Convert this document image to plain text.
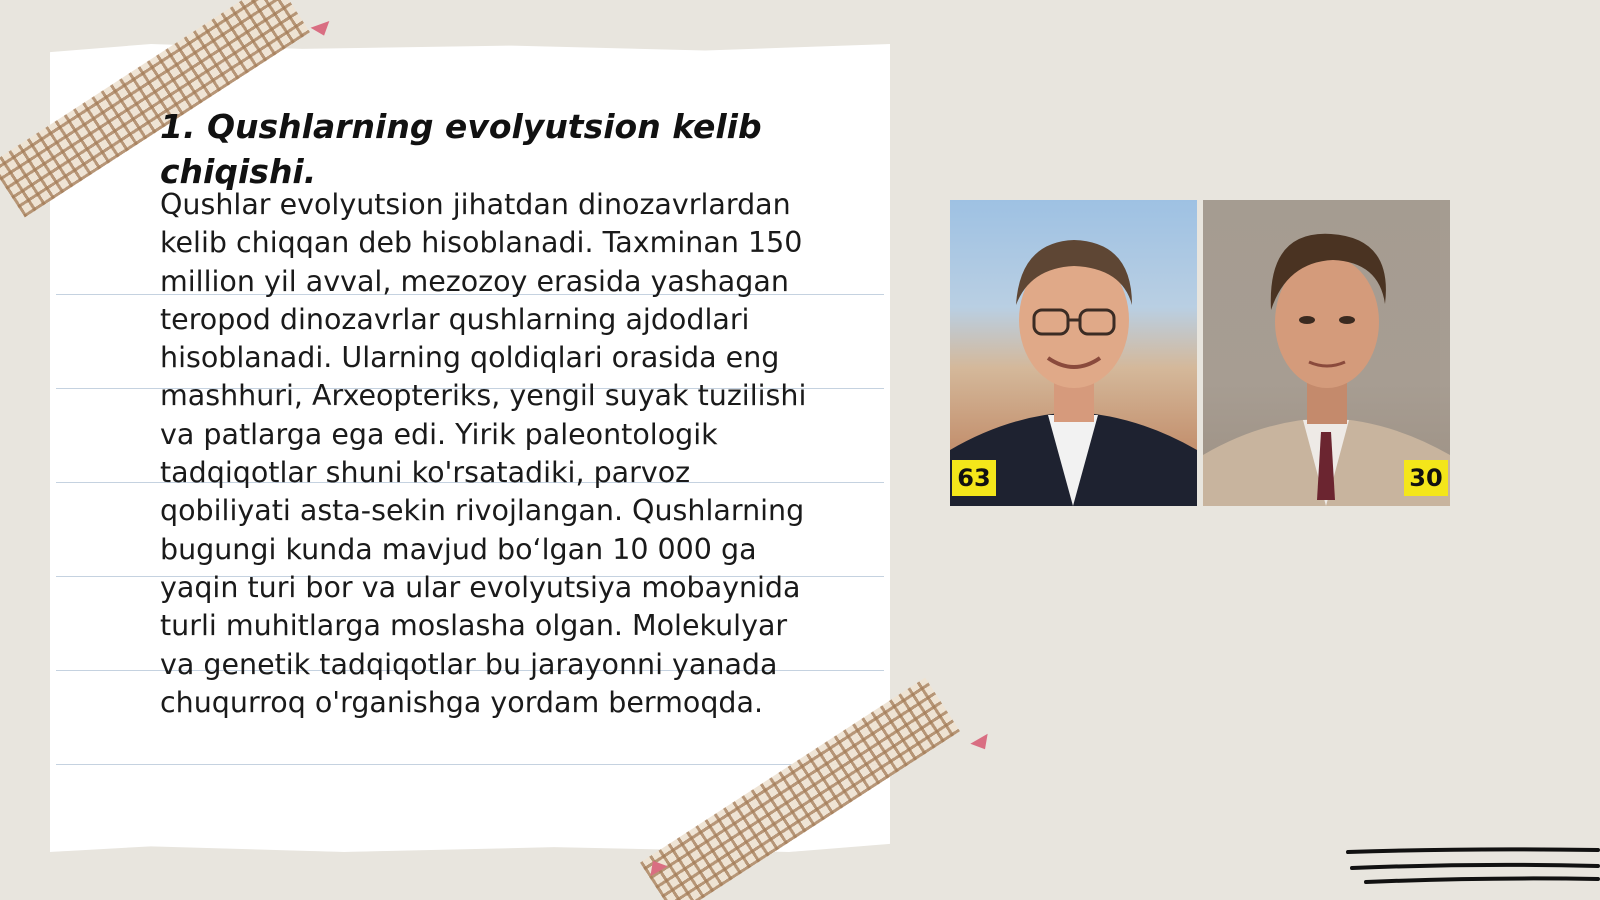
1. Qushlarning evolyutsion kelib chiqishi.

Qushlar evolyutsion jihatdan dinozavrlardan
kelib chiqqan deb hisoblanadi. Taxminan 150
million yil avval, mezozoy erasida yashagan
teropod dinozavrlar qushlarning ajdodlari
hisoblanadi. Ularning qoldiqlari orasida eng
mashhuri, Arxeopteriks, yengil suyak tuzilishi
va patlarga ega edi. Yirik paleontologik
tadqiqotlar shuni ko'rsatadiki, parvoz
qobiliyati asta-sekin rivojlangan. Qushlarning
bugungi kunda mavjud boʻlgan 10 000 ga
yaqin turi bor va ular evolyutsiya mobaynida
turli muhitlarga moslasha olgan. Molekulyar
va genetik tadqiqotlar bu jarayonni yanada
chuqurroq o'rganishga yordam bermoqda.

63	30
